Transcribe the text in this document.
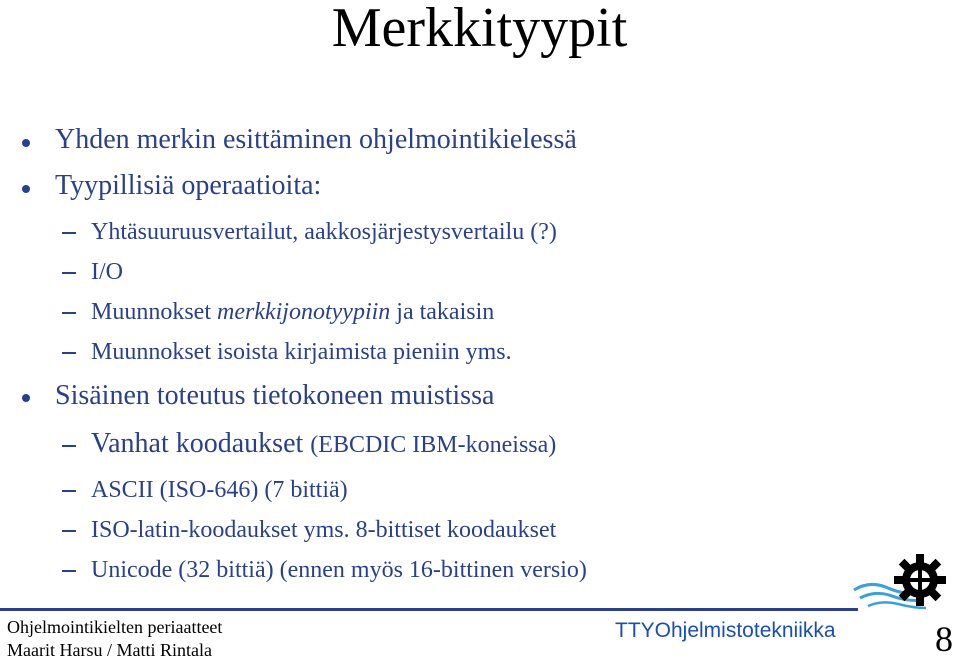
Merkkityypit
Yhden merkin esittäminen ohjelmointikielessä
Tyypillisiä operaatioita:
Yhtäsuuruusvertailut, aakkosjärjestysvertailu (?)
I/O
Muunnokset merkkijonotyypiin ja takaisin
Muunnokset isoista kirjaimista pieniin yms.
Sisäinen toteutus tietokoneen muistissa
Vanhat koodaukset (EBCDIC IBM-koneissa)
ASCII (ISO-646) (7 bittiä)
ISO-latin-koodaukset yms. 8-bittiset koodaukset
Unicode (32 bittiä) (ennen myös 16-bittinen versio)
Ohjelmointikielten periaatteet
Maarit Harsu / Matti Rintala
TTYOhjelmistotekniikka	8
